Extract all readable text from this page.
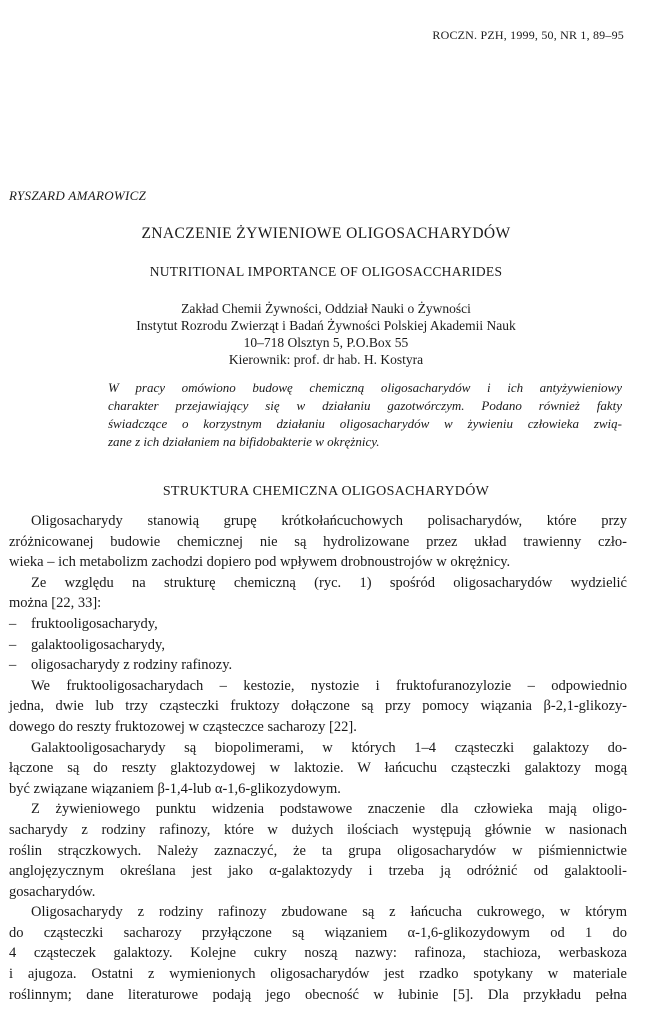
ROCZN. PZH, 1999, 50, NR 1, 89–95
RYSZARD AMAROWICZ
ZNACZENIE ŻYWIENIOWE OLIGOSACHARYDÓW
NUTRITIONAL IMPORTANCE OF OLIGOSACCHARIDES
Zakład Chemii Żywności, Oddział Nauki o Żywności
Instytut Rozrodu Zwierząt i Badań Żywności Polskiej Akademii Nauk
10–718 Olsztyn 5, P.O.Box 55
Kierownik: prof. dr hab. H. Kostyra
W pracy omówiono budowę chemiczną oligosacharydów i ich antyżywieniowy
charakter przejawiający się w działaniu gazotwórczym. Podano również fakty
świadczące o korzystnym działaniu oligosacharydów w żywieniu człowieka zwią-
zane z ich działaniem na bifidobakterie w okrężnicy.
STRUKTURA CHEMICZNA OLIGOSACHARYDÓW
Oligosacharydy stanowią grupę krótkołańcuchowych polisacharydów, które przy
zróżnicowanej budowie chemicznej nie są hydrolizowane przez układ trawienny czło-
wieka – ich metabolizm zachodzi dopiero pod wpływem drobnoustrojów w okrężnicy.
Ze względu na strukturę chemiczną (ryc. 1) spośród oligosacharydów wydzielić
można [22, 33]:
– fruktooligosacharydy,
– galaktooligosacharydy,
– oligosacharydy z rodziny rafinozy.
We fruktooligosacharydach – kestozie, nystozie i fruktofuranozylozie – odpowiednio
jedna, dwie lub trzy cząsteczki fruktozy dołączone są przy pomocy wiązania β-2,1-glikozy-
dowego do reszty fruktozowej w cząsteczce sacharozy [22].
Galaktooligosacharydy są biopolimerami, w których 1–4 cząsteczki galaktozy do-
łączone są do reszty glaktozydowej w laktozie. W łańcuchu cząsteczki galaktozy mogą
być związane wiązaniem β-1,4-lub α-1,6-glikozydowym.
Z żywieniowego punktu widzenia podstawowe znaczenie dla człowieka mają oligo-
sacharydy z rodziny rafinozy, które w dużych ilościach występują głównie w nasionach
roślin strączkowych. Należy zaznaczyć, że ta grupa oligosacharydów w piśmiennictwie
anglojęzycznym określana jest jako α-galaktozydy i trzeba ją odróżnić od galaktooli-
gosacharydów.
Oligosacharydy z rodziny rafinozy zbudowane są z łańcucha cukrowego, w którym
do cząsteczki sacharozy przyłączone są wiązaniem α-1,6-glikozydowym od 1 do
4 cząsteczek galaktozy. Kolejne cukry noszą nazwy: rafinoza, stachioza, werbaskoza
i ajugoza. Ostatni z wymienionych oligosacharydów jest rzadko spotykany w materiale
roślinnym; dane literaturowe podają jego obecność w łubinie [5]. Dla przykładu pełna
